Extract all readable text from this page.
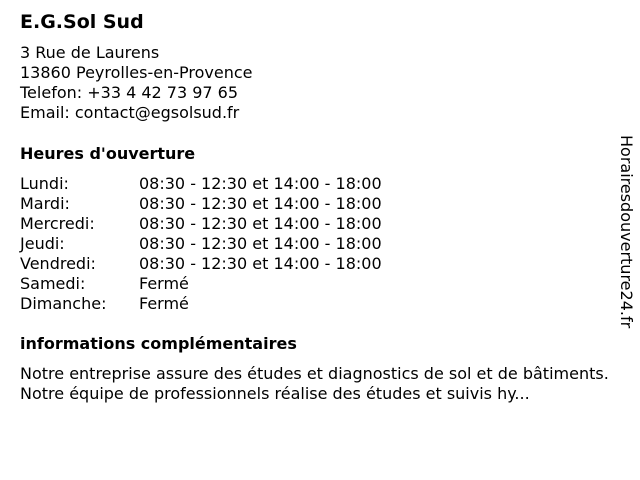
E.G.Sol Sud
3 Rue de Laurens
13860 Peyrolles-en-Provence
Telefon: +33 4 42 73 97 65
Email: contact@egsolsud.fr
Heures d'ouverture
Lundi:	08:30 - 12:30 et 14:00 - 18:00
Mardi:	08:30 - 12:30 et 14:00 - 18:00
Mercredi:	08:30 - 12:30 et 14:00 - 18:00
Jeudi:	08:30 - 12:30 et 14:00 - 18:00
Vendredi:	08:30 - 12:30 et 14:00 - 18:00
Samedi:	Fermé
Dimanche: Fermé
informations complémentaires
Notre entreprise assure des études et diagnostics de sol et de bâtiments. Notre équipe de professionnels réalise des études et suivis hy...
Horairesdouverture24.fr
